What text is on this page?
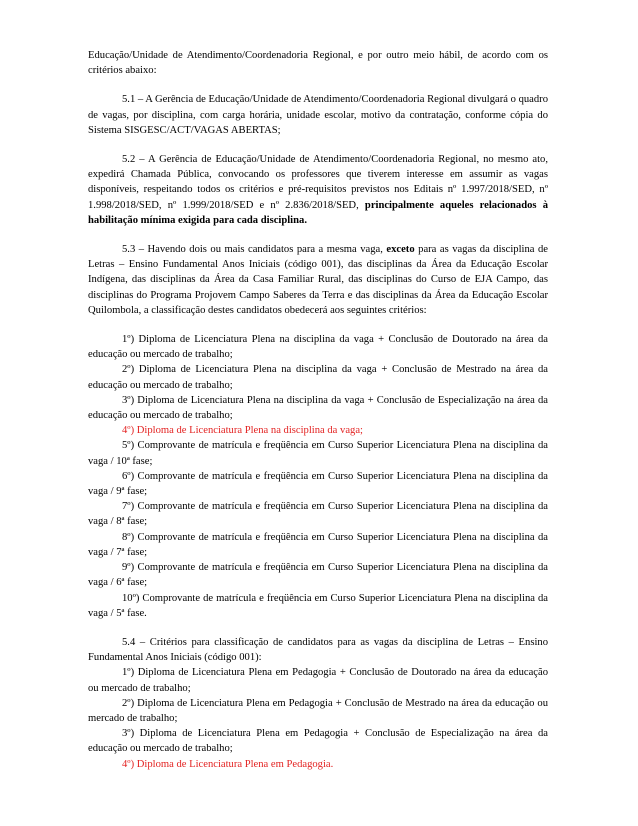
Educação/Unidade de Atendimento/Coordenadoria Regional, e por outro meio hábil, de acordo com os critérios abaixo:

5.1 – A Gerência de Educação/Unidade de Atendimento/Coordenadoria Regional divulgará o quadro de vagas, por disciplina, com carga horária, unidade escolar, motivo da contratação, conforme cópia do Sistema SISGESC/ACT/VAGAS ABERTAS;

5.2 – A Gerência de Educação/Unidade de Atendimento/Coordenadoria Regional, no mesmo ato, expedirá Chamada Pública, convocando os professores que tiverem interesse em assumir as vagas disponíveis, respeitando todos os critérios e pré-requisitos previstos nos Editais nº 1.997/2018/SED, nº 1.998/2018/SED, nº 1.999/2018/SED e nº 2.836/2018/SED, principalmente aqueles relacionados à habilitação mínima exigida para cada disciplina.

5.3 – Havendo dois ou mais candidatos para a mesma vaga, exceto para as vagas da disciplina de Letras – Ensino Fundamental Anos Iniciais (código 001), das disciplinas da Área da Educação Escolar Indígena, das disciplinas da Área da Casa Familiar Rural, das disciplinas do Curso de EJA Campo, das disciplinas do Programa Projovem Campo Saberes da Terra e das disciplinas da Área da Educação Escolar Quilombola, a classificação destes candidatos obedecerá aos seguintes critérios:

1º) Diploma de Licenciatura Plena na disciplina da vaga + Conclusão de Doutorado na área da educação ou mercado de trabalho;

2º) Diploma de Licenciatura Plena na disciplina da vaga + Conclusão de Mestrado na área da educação ou mercado de trabalho;

3º) Diploma de Licenciatura Plena na disciplina da vaga + Conclusão de Especialização na área da educação ou mercado de trabalho;

4º) Diploma de Licenciatura Plena na disciplina da vaga;

5º) Comprovante de matrícula e freqüência em Curso Superior Licenciatura Plena na disciplina da vaga / 10ª fase;

6º) Comprovante de matrícula e freqüência em Curso Superior Licenciatura Plena na disciplina da vaga / 9ª fase;

7º) Comprovante de matrícula e freqüência em Curso Superior Licenciatura Plena na disciplina da vaga / 8ª fase;

8º) Comprovante de matrícula e freqüência em Curso Superior Licenciatura Plena na disciplina da vaga / 7ª fase;

9º) Comprovante de matrícula e freqüência em Curso Superior Licenciatura Plena na disciplina da vaga / 6ª fase;

10º) Comprovante de matrícula e freqüência em Curso Superior Licenciatura Plena na disciplina da vaga / 5ª fase.

5.4 – Critérios para classificação de candidatos para as vagas da disciplina de Letras – Ensino Fundamental Anos Iniciais (código 001):

1º) Diploma de Licenciatura Plena em Pedagogia + Conclusão de Doutorado na área da educação ou mercado de trabalho;

2º) Diploma de Licenciatura Plena em Pedagogia + Conclusão de Mestrado na área da educação ou mercado de trabalho;

3º) Diploma de Licenciatura Plena em Pedagogia + Conclusão de Especialização na área da educação ou mercado de trabalho;

4º) Diploma de Licenciatura Plena em Pedagogia.
